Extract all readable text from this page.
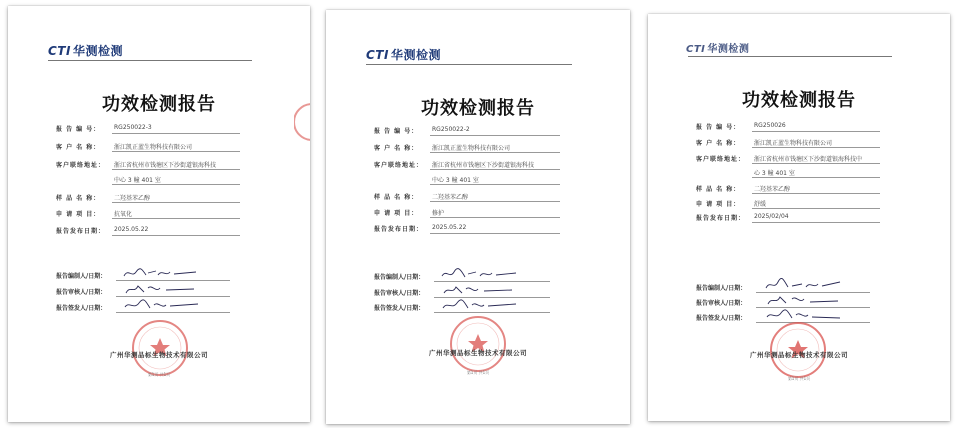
CTI 华测检测
功效检测报告
报 告 编 号：	RG250022-3
客 户 名 称：	浙江凯正蓝生物科技有限公司
客户联络地址：	浙江省杭州市钱塘区下沙街道银海科技
中心 3 幢 401 室
样 品 名 称：	二羟基苯乙醇
申 请 项 目：	抗氧化
报告发布日期：	2025.05.22
报告编制人/日期：
报告审核人/日期：
报告签发人/日期：
广州华测品标生物技术有限公司
第1页 共1页
CTI 华测检测
功效检测报告
报 告 编 号：	RG250022-2
客 户 名 称：	浙江凯正蓝生物科技有限公司
客户联络地址：	浙江省杭州市钱塘区下沙街道银海科技
中心 3 幢 401 室
样 品 名 称：	二羟基苯乙醇
申 请 项 目：	修护
报告发布日期：	2025.05.22
报告编制人/日期：
报告审核人/日期：
报告签发人/日期：
广州华测品标生物技术有限公司
第1页 共1页
CTI 华测检测
功效检测报告
报 告 编 号：	RG250026
客 户 名 称：	浙江凯正蓝生物科技有限公司
客户联络地址：	浙江省杭州市钱塘区下沙街道银海科技中
心 3 幢 401 室
样 品 名 称：	二羟基苯乙醇
申 请 项 目：	舒缓
报告发布日期：	2025/02/04
报告编制人/日期：
报告审核人/日期：
报告签发人/日期：
广州华测品标生物技术有限公司
第1页 共1页
